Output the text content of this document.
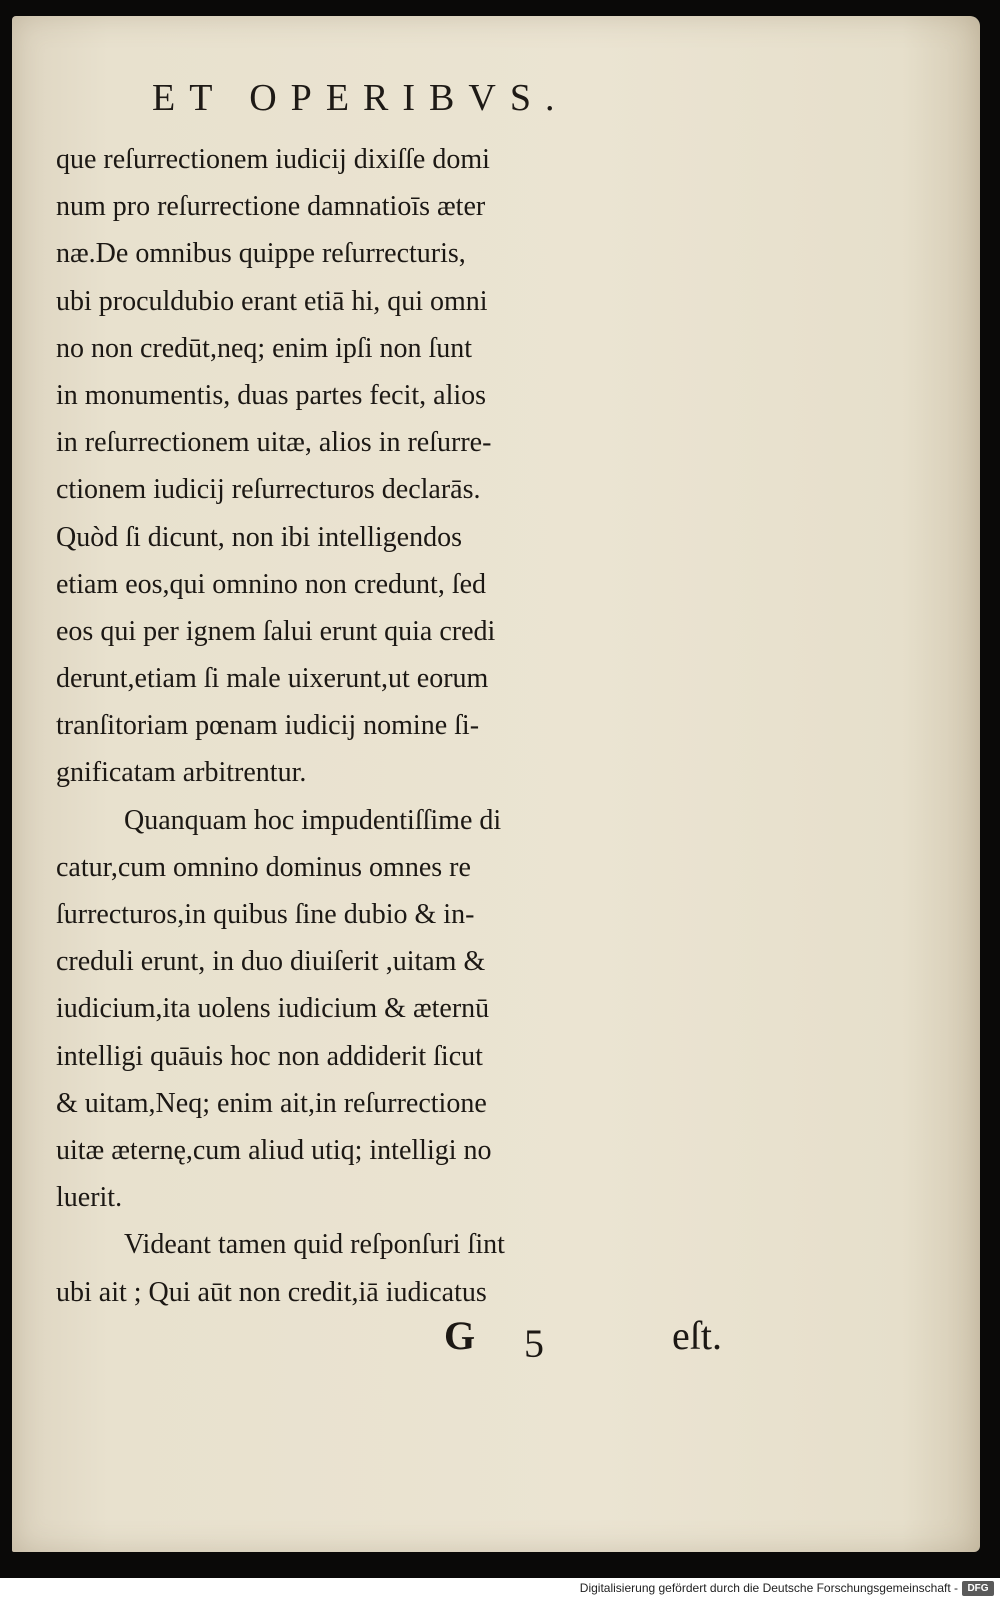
ET OPERIBVS.
que reſurrectionem iudicij dixiſſe domi
num pro reſurrectione damnatioīs æter
næ.De omnibus quippe reſurrecturis,
ubi proculdubio erant etiā hi, qui omni
no non credūt,neq; enim ipſi non ſunt
in monumentis, duas partes fecit, alios
in reſurrectionem uitæ, alios in reſurre-
ctionem iudicij reſurrecturos declarās.
Quòd ſi dicunt, non ibi intelligendos
etiam eos,qui omnino non credunt, ſed
eos qui per ignem ſalui erunt quia credi
derunt,etiam ſi male uixerunt,ut eorum
tranſitoriam pœnam iudicij nomine ſi-
gnificatam arbitrentur.
Quanquam hoc impudentiſſime di
catur,cum omnino dominus omnes re
ſurrecturos,in quibus ſine dubio & in-
creduli erunt, in duo diuiſerit ,uitam &
iudicium,ita uolens iudicium & æternū
intelligi quāuis hoc non addiderit ſicut
& uitam,Neq; enim ait,in reſurrectione
uitæ æternę,cum aliud utiq; intelligi no
luerit.
Videant tamen quid reſponſuri ſint
ubi ait ; Qui aūt non credit,iā iudicatus
G 5	eſt.
Digitalisierung gefördert durch die Deutsche Forschungsgemeinschaft - DFG
